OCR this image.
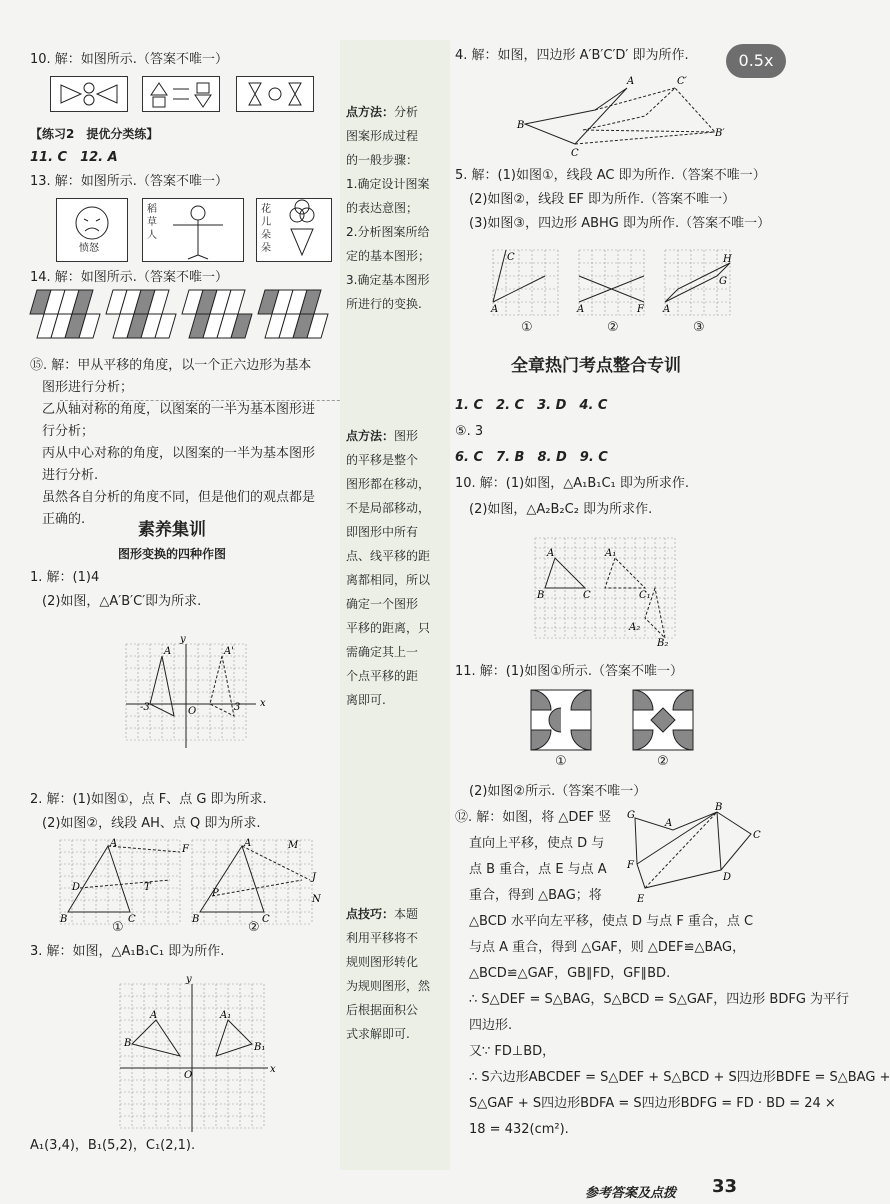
0.5x
10. 解：如图所示.（答案不唯一）
【练习2　提优分类练】
11. C　12. A
13. 解：如图所示.（答案不唯一）
愤怒
稻草人
花儿朵朵
14. 解：如图所示.（答案不唯一）
⑮. 解：甲从平移的角度，以一个正六边形为基本
图形进行分析；
乙从轴对称的角度，以图案的一半为基本图形进
行分析；
丙从中心对称的角度，以图案的一半为基本图形
进行分析.
虽然各自分析的角度不同，但是他们的观点都是
正确的.
素养集训
图形变换的四种作图
1. 解：(1)4
(2)如图，△A′B′C′即为所求.
A	A'
-3	3
O
x
y
2. 解：(1)如图①，点 F、点 G 即为所求.
(2)如图②，线段 AH、点 Q 即为所求.
A
B	C
F
D	T
A
B	C
M
J
N
P
①	②
3. 解：如图，△A₁B₁C₁ 即为所作.
A
B
A₁
B₁
O
x
y
A₁(3,4)，B₁(5,2)，C₁(2,1).
点方法：分析
图案形成过程
的一般步骤：
1.确定设计图案
的表达意图；
2.分析图案所给
定的基本图形；
3.确定基本图形
所进行的变换.
点方法：图形
的平移是整个
图形都在移动，
不是局部移动，
即图形中所有
点、线平移的距
离都相同，所以
确定一个图形
平移的距离，只
需确定其上一
个点平移的距
离即可.
点技巧：本题
利用平移将不
规则图形转化
为规则图形，然
后根据面积公
式求解即可.
4. 解：如图，四边形 A′B′C′D′ 即为所作.
B
A	C′
B′
C
5. 解：(1)如图①，线段 AC 即为所作.（答案不唯一）
(2)如图②，线段 EF 即为所作.（答案不唯一）
(3)如图③，四边形 ABHG 即为所作.（答案不唯一）
C
A	A	F
H
A
G
①	②	③
全章热门考点整合专训
1. C　2. C　3. D　4. C
⑤. 3
6. C　7. B　8. D　9. C
10. 解：(1)如图，△A₁B₁C₁ 即为所求作.
(2)如图，△A₂B₂C₂ 即为所求作.
A
B	C
A₁
C₁
A₂
B₂
11. 解：(1)如图①所示.（答案不唯一）
①	②
(2)如图②所示.（答案不唯一）
G
A
B
C
D
E
F
⑫. 解：如图，将 △DEF 竖
直向上平移，使点 D 与
点 B 重合，点 E 与点 A
重合，得到 △BAG；将
△BCD 水平向左平移，使点 D 与点 F 重合，点 C
与点 A 重合，得到 △GAF，则 △DEF≌△BAG，
△BCD≌△GAF，GB∥FD，GF∥BD.
∴ S△DEF = S△BAG，S△BCD = S△GAF，四边形 BDFG 为平行
四边形.
又∵ FD⊥BD，
∴ S六边形ABCDEF = S△DEF + S△BCD + S四边形BDFE = S△BAG +
S△GAF + S四边形BDFA = S四边形BDFG = FD · BD = 24 ×
18 = 432(cm²).
参考答案及点拨 33
